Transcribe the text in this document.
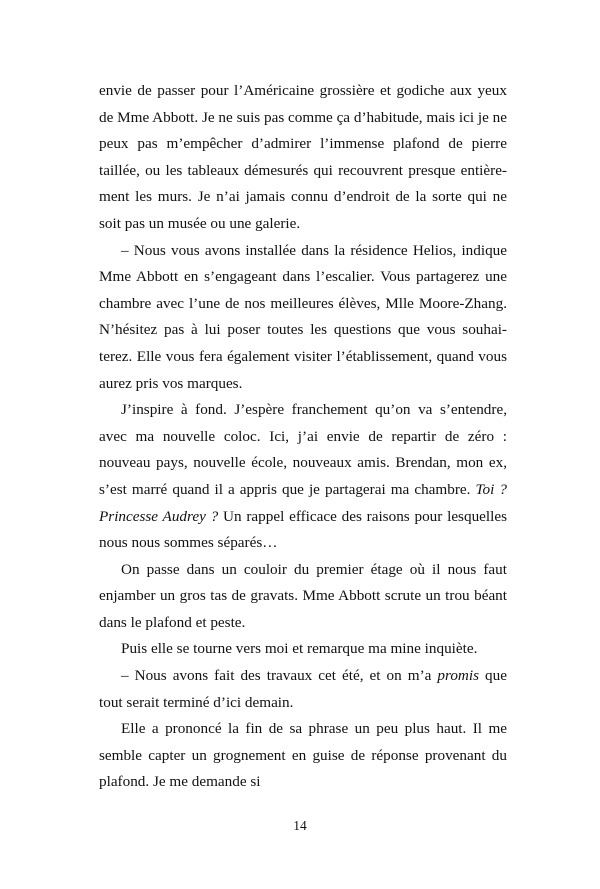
envie de passer pour l’Américaine grossière et godiche aux yeux de Mme Abbott. Je ne suis pas comme ça d’habitude, mais ici je ne peux pas m’empêcher d’admirer l’immense plafond de pierre taillée, ou les tableaux démesurés qui recouvrent presque entière-ment les murs. Je n’ai jamais connu d’endroit de la sorte qui ne soit pas un musée ou une galerie.

– Nous vous avons installée dans la résidence Helios, indique Mme Abbott en s’engageant dans l’escalier. Vous partagerez une chambre avec l’une de nos meilleures élèves, Mlle Moore-Zhang. N’hésitez pas à lui poser toutes les questions que vous souhai-terez. Elle vous fera également visiter l’établissement, quand vous aurez pris vos marques.

J’inspire à fond. J’espère franchement qu’on va s’entendre, avec ma nouvelle coloc. Ici, j’ai envie de repartir de zéro : nouveau pays, nouvelle école, nouveaux amis. Brendan, mon ex, s’est marré quand il a appris que je partagerai ma chambre. Toi ? Princesse Audrey ? Un rappel efficace des raisons pour lesquelles nous nous sommes séparés…

On passe dans un couloir du premier étage où il nous faut enjamber un gros tas de gravats. Mme Abbott scrute un trou béant dans le plafond et peste.

Puis elle se tourne vers moi et remarque ma mine inquiète.

– Nous avons fait des travaux cet été, et on m’a promis que tout serait terminé d’ici demain.

Elle a prononcé la fin de sa phrase un peu plus haut. Il me semble capter un grognement en guise de réponse provenant du plafond. Je me demande si

14
